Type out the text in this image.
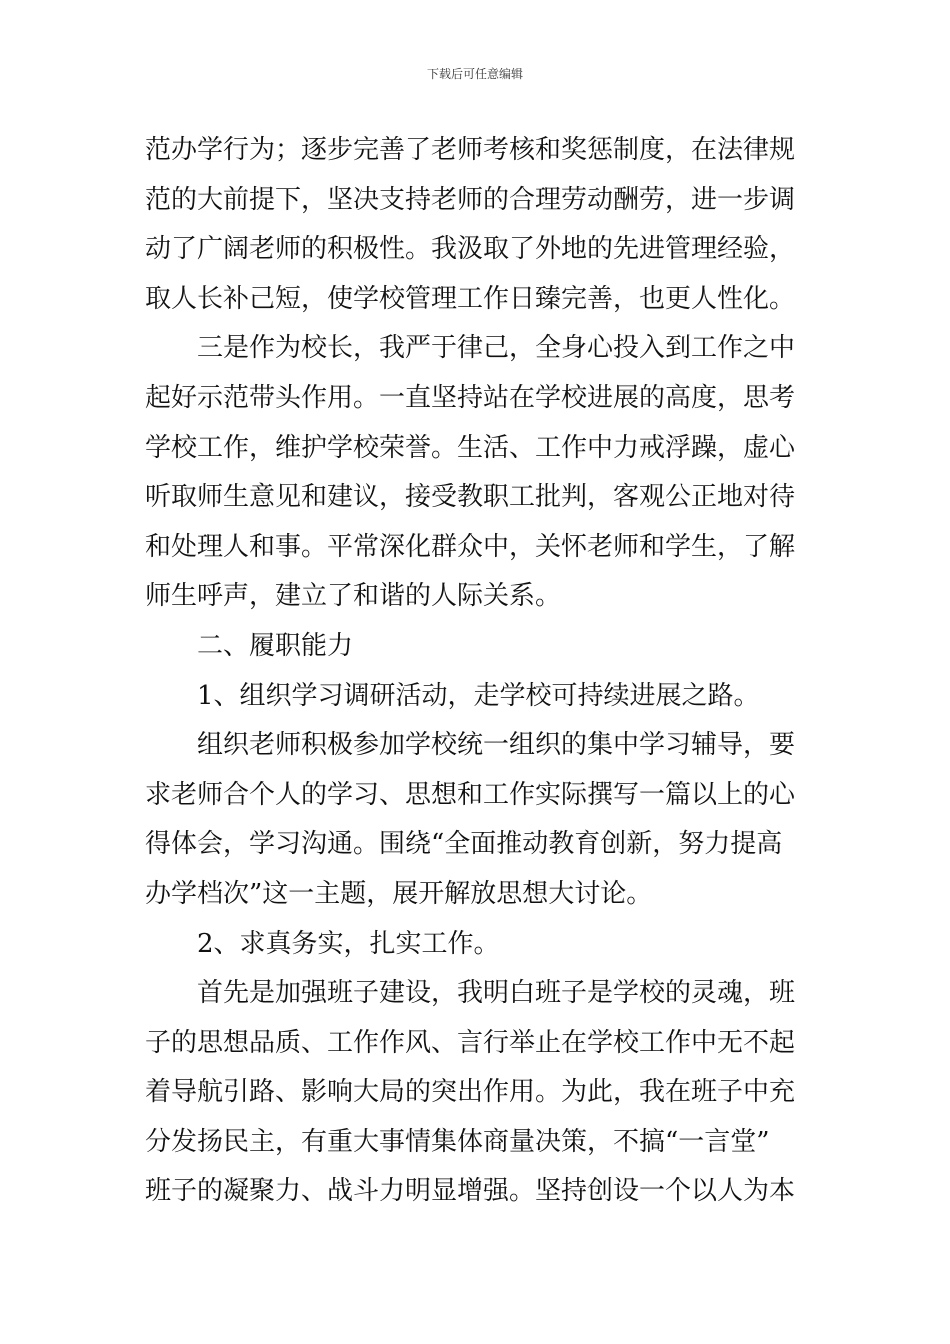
下载后可任意编辑
范办学行为；逐步完善了老师考核和奖惩制度，在法律规
范的大前提下，坚决支持老师的合理劳动酬劳，进一步调
动了广阔老师的积极性。我汲取了外地的先进管理经验，
取人长补己短，使学校管理工作日臻完善，也更人性化。
三是作为校长，我严于律己，全身心投入到工作之中
起好示范带头作用。一直坚持站在学校进展的高度，思考
学校工作，维护学校荣誉。生活、工作中力戒浮躁，虚心
听取师生意见和建议，接受教职工批判，客观公正地对待
和处理人和事。平常深化群众中，关怀老师和学生，了解
师生呼声，建立了和谐的人际关系。
二、履职能力
1、组织学习调研活动，走学校可持续进展之路。
组织老师积极参加学校统一组织的集中学习辅导，要
求老师合个人的学习、思想和工作实际撰写一篇以上的心
得体会，学习沟通。围绕“全面推动教育创新，努力提高
办学档次”这一主题，展开解放思想大讨论。
2、求真务实，扎实工作。
首先是加强班子建设，我明白班子是学校的灵魂，班
子的思想品质、工作作风、言行举止在学校工作中无不起
着导航引路、影响大局的突出作用。为此，我在班子中充
分发扬民主，有重大事情集体商量决策，不搞“一言堂”
班子的凝聚力、战斗力明显增强。坚持创设一个以人为本
